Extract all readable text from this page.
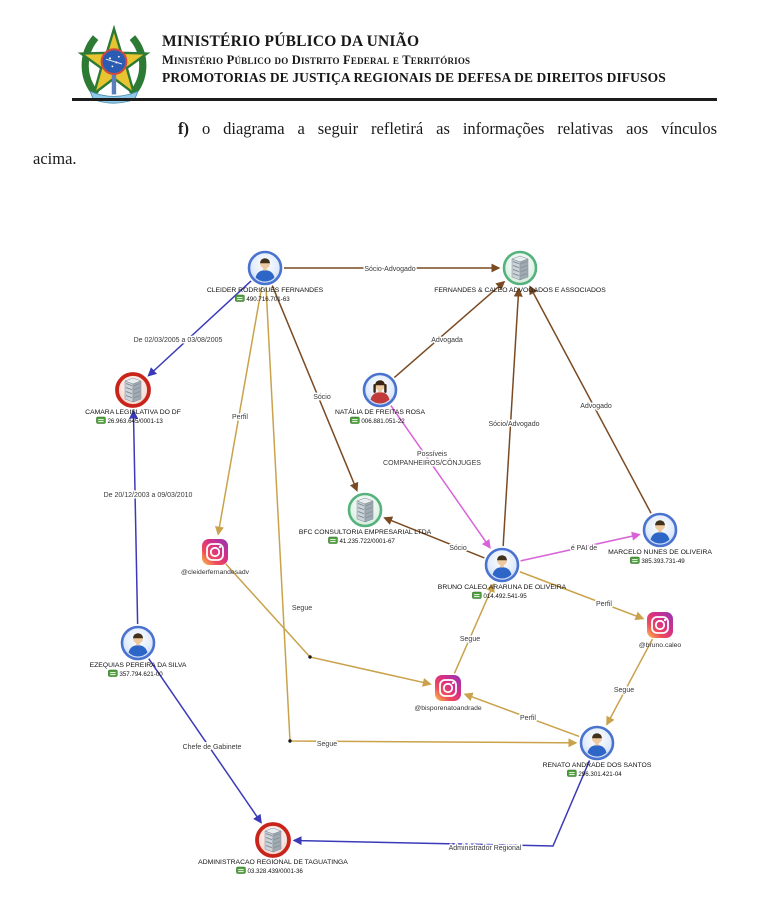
MINISTÉRIO PÚBLICO DA UNIÃO
Ministério Público do Distrito Federal e Territórios
PROMOTORIAS DE JUSTIÇA REGIONAIS DE DEFESA DE DIREITOS DIFUSOS
f) o diagrama a seguir refletirá as informações relativas aos vínculos
acima.
Sócio-Advogado
Advogada
Sócio/Advogado
Advogado
Sócio
Sócio
De 02/03/2005 a 03/08/2005
De 20/12/2003 a 09/03/2010
Chefe de Gabinete
Administrador Regional
Possíveis COMPANHEIROS/CÔNJUGES
é PAI de
Perfil
Segue
Segue
Segue
Perfil
Segue
Perfil
CLEIDER RODRIGUES FERNANDES
490.716.701-63
FERNANDES & CALEO ADVOGADOS E ASSOCIADOS
CAMARA LEGISLATIVA DO DF
26.963.645/0001-13
NATÁLIA DE FREITAS ROSA
006.881.051-22
BFC CONSULTORIA EMPRESARIAL LTDA
41.235.722/0001-67
@cleiderfernandesadv
MARCELO NUNES DE OLIVEIRA
385.393.731-49
BRUNO CALEO ARARUNA DE OLIVEIRA
014.492.541-95
@bruno.caleo
EZEQUIAS PEREIRA DA SILVA
357.794.621-00
@bisporenatoandrade
RENATO ANDRADE DOS SANTOS
296.301.421-04
ADMINISTRACAO REGIONAL DE TAGUATINGA
03.328.439/0001-36
